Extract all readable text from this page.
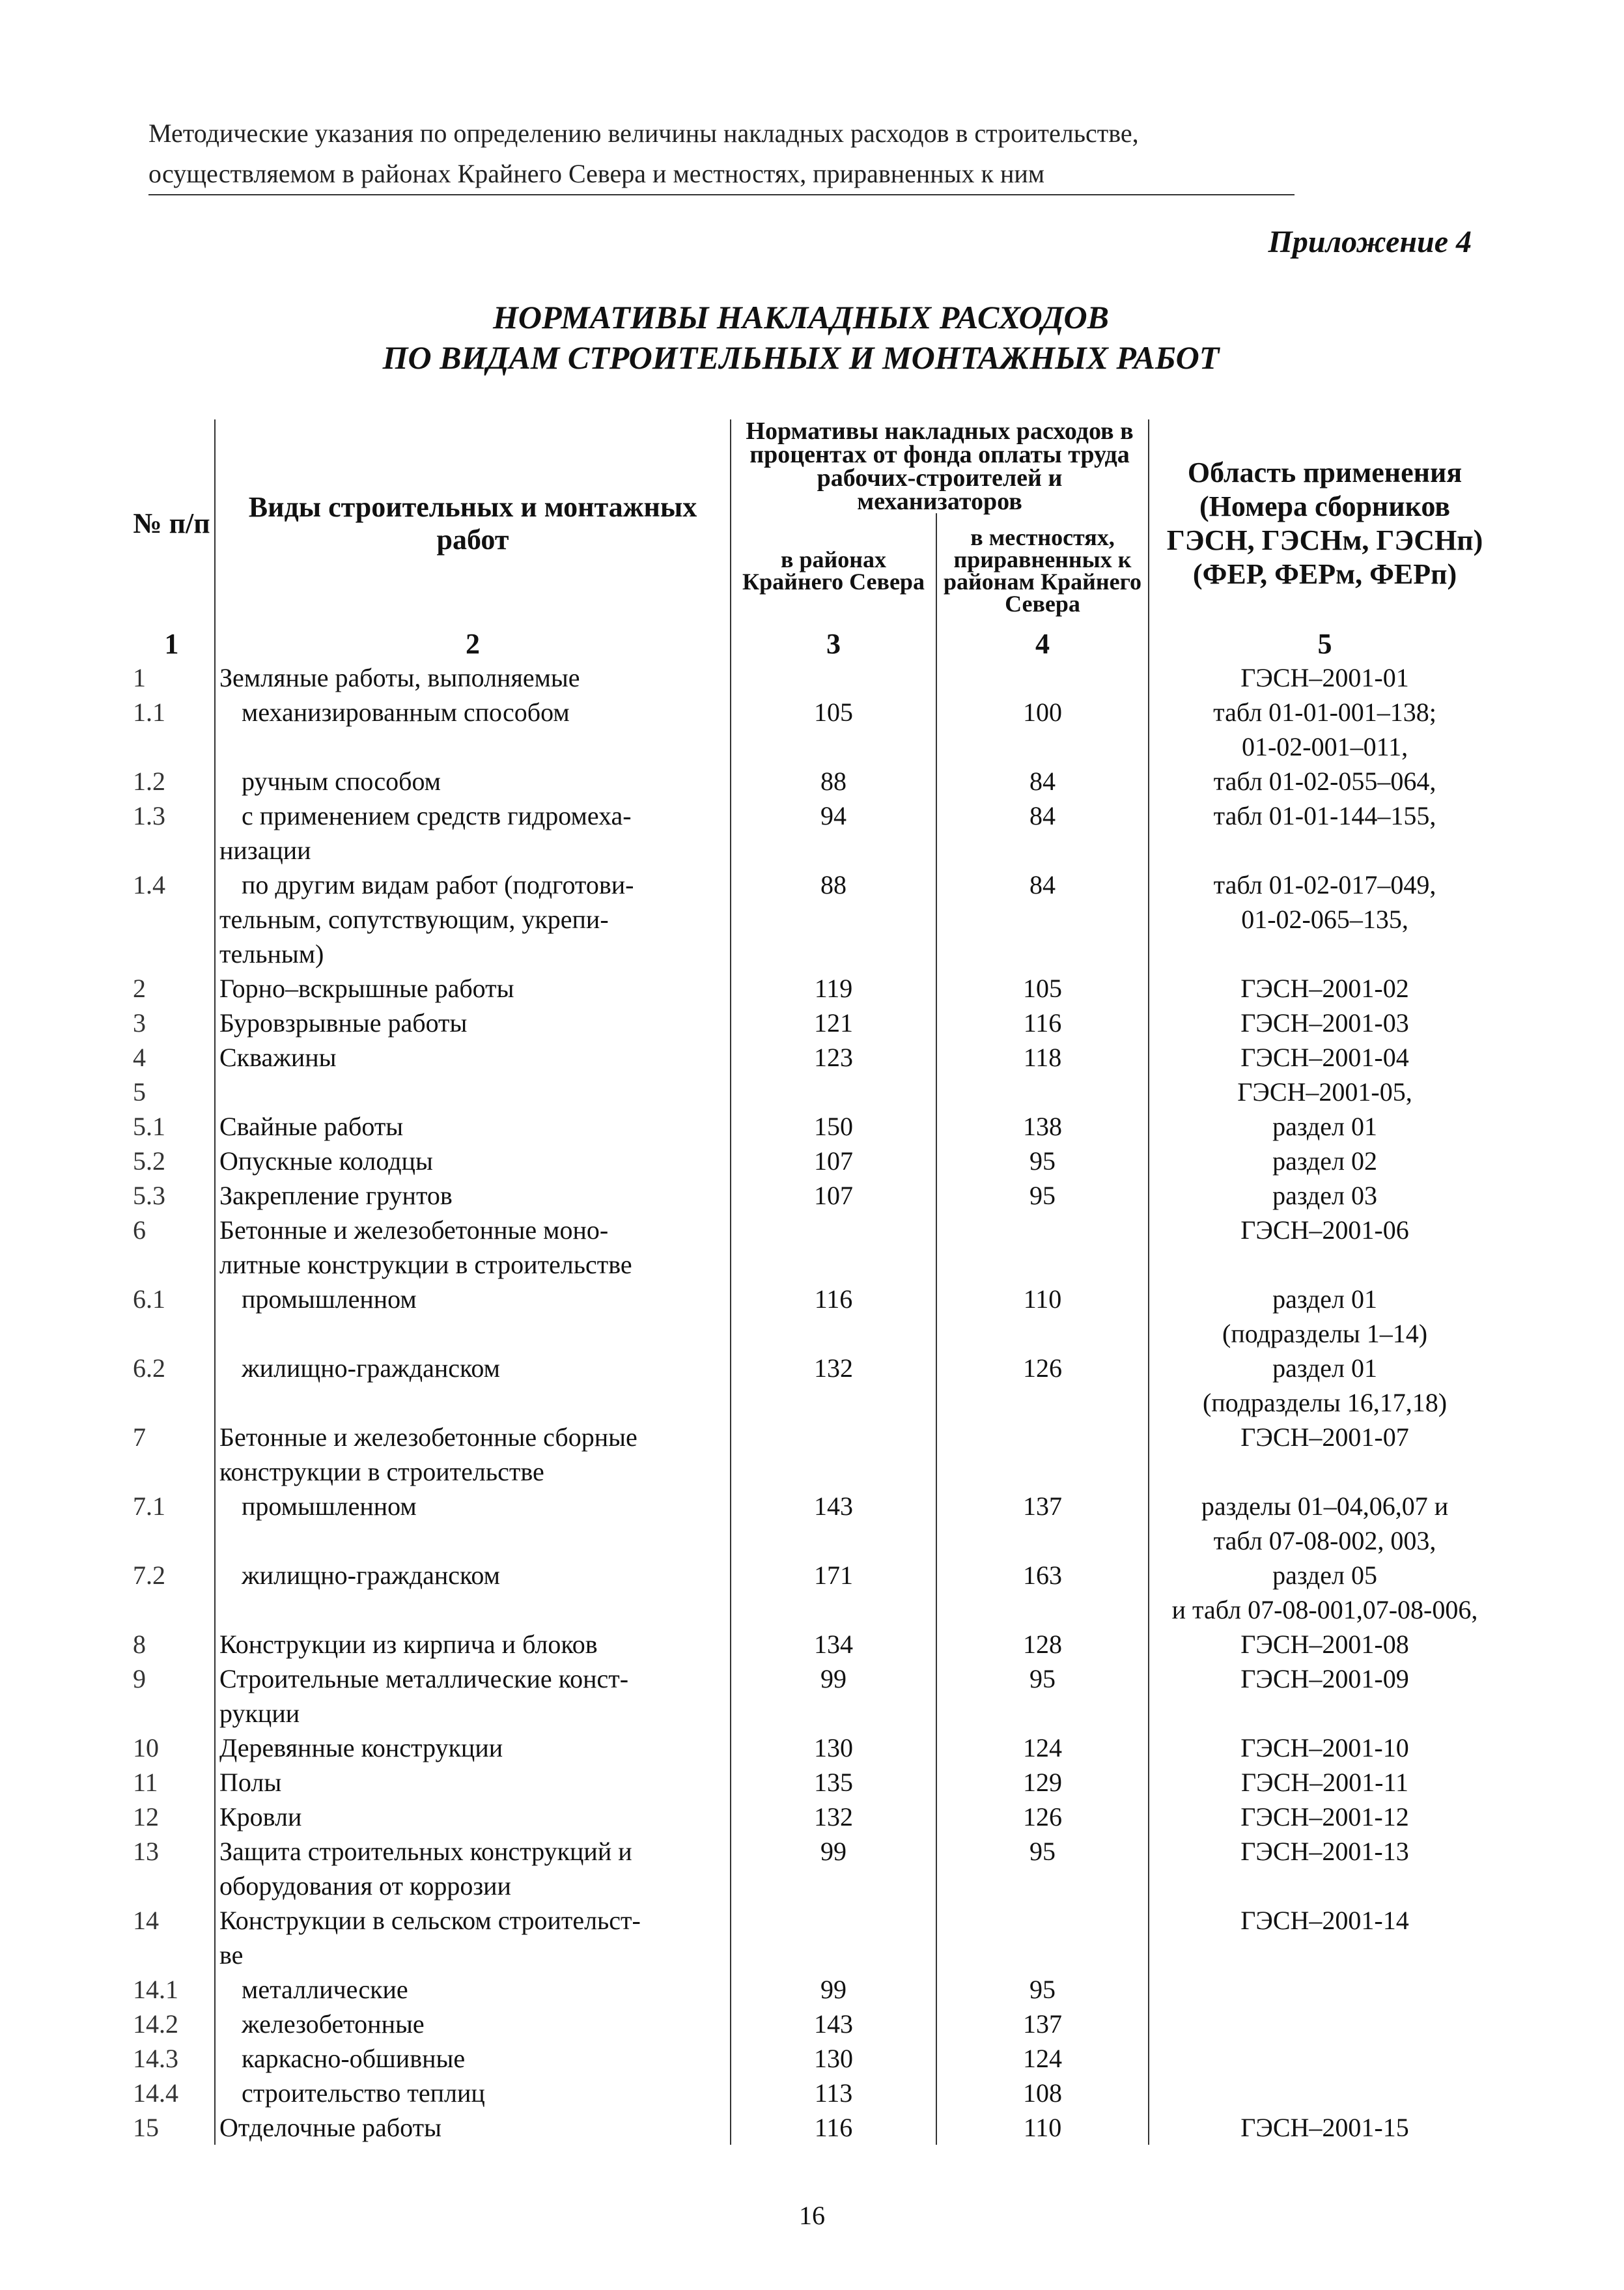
Методические указания по определению величины накладных расходов в строительстве,

осуществляемом в районах Крайнего Севера и местностях, приравненных к ним
Приложение 4
НОРМАТИВЫ НАКЛАДНЫХ РАСХОДОВ
ПО ВИДАМ СТРОИТЕЛЬНЫХ И МОНТАЖНЫХ РАБОТ
№ п/п	Виды строительных и монтажных работ	Нормативы накладных расходов в процентах от фонда оплаты труда рабочих-строителей и механизаторов		Область применения (Номера сборников ГЭСН, ГЭСНм, ГЭСНп) (ФЕР, ФЕРм, ФЕРп)
		в районах Крайнего Севера	в местностях, приравненных к районам Крайнего Севера	
1	2	3	4	5
1	Земляные работы, выполняемые			ГЭСН–2001-01
1.1	механизированным способом	105	100	табл 01-01-001–138;
				01-02-001–011,
1.2	ручным способом	88	84	табл 01-02-055–064,
1.3	с применением средств гидромеха-	94	84	табл 01-01-144–155,
	низации			
1.4	по другим видам работ (подготови-	88	84	табл 01-02-017–049,
	тельным, сопутствующим, укрепи-			01-02-065–135,
	тельным)			
2	Горно–вскрышные работы	119	105	ГЭСН–2001-02
3	Буровзрывные работы	121	116	ГЭСН–2001-03
4	Скважины	123	118	ГЭСН–2001-04
5				ГЭСН–2001-05,
5.1	Свайные работы	150	138	раздел 01
5.2	Опускные колодцы	107	95	раздел 02
5.3	Закрепление грунтов	107	95	раздел 03
6	Бетонные и железобетонные моно-			ГЭСН–2001-06
	литные конструкции в строительстве			
6.1	промышленном	116	110	раздел 01
				(подразделы 1–14)
6.2	жилищно-гражданском	132	126	раздел 01
				(подразделы 16,17,18)
7	Бетонные и железобетонные сборные			ГЭСН–2001-07
	конструкции в строительстве			
7.1	промышленном	143	137	разделы 01–04,06,07 и
				табл 07-08-002, 003,
7.2	жилищно-гражданском	171	163	раздел 05
				и табл 07-08-001,07-08-006,
8	Конструкции из кирпича и блоков	134	128	ГЭСН–2001-08
9	Строительные металлические конст-	99	95	ГЭСН–2001-09
	рукции			
10	Деревянные конструкции	130	124	ГЭСН–2001-10
11	Полы	135	129	ГЭСН–2001-11
12	Кровли	132	126	ГЭСН–2001-12
13	Защита строительных конструкций и	99	95	ГЭСН–2001-13
	оборудования от коррозии			
14	Конструкции в сельском строительст-			ГЭСН–2001-14
	ве			
14.1	металлические	99	95	
14.2	железобетонные	143	137	
14.3	каркасно-обшивные	130	124	
14.4	строительство теплиц	113	108	
15	Отделочные работы	116	110	ГЭСН–2001-15
16
